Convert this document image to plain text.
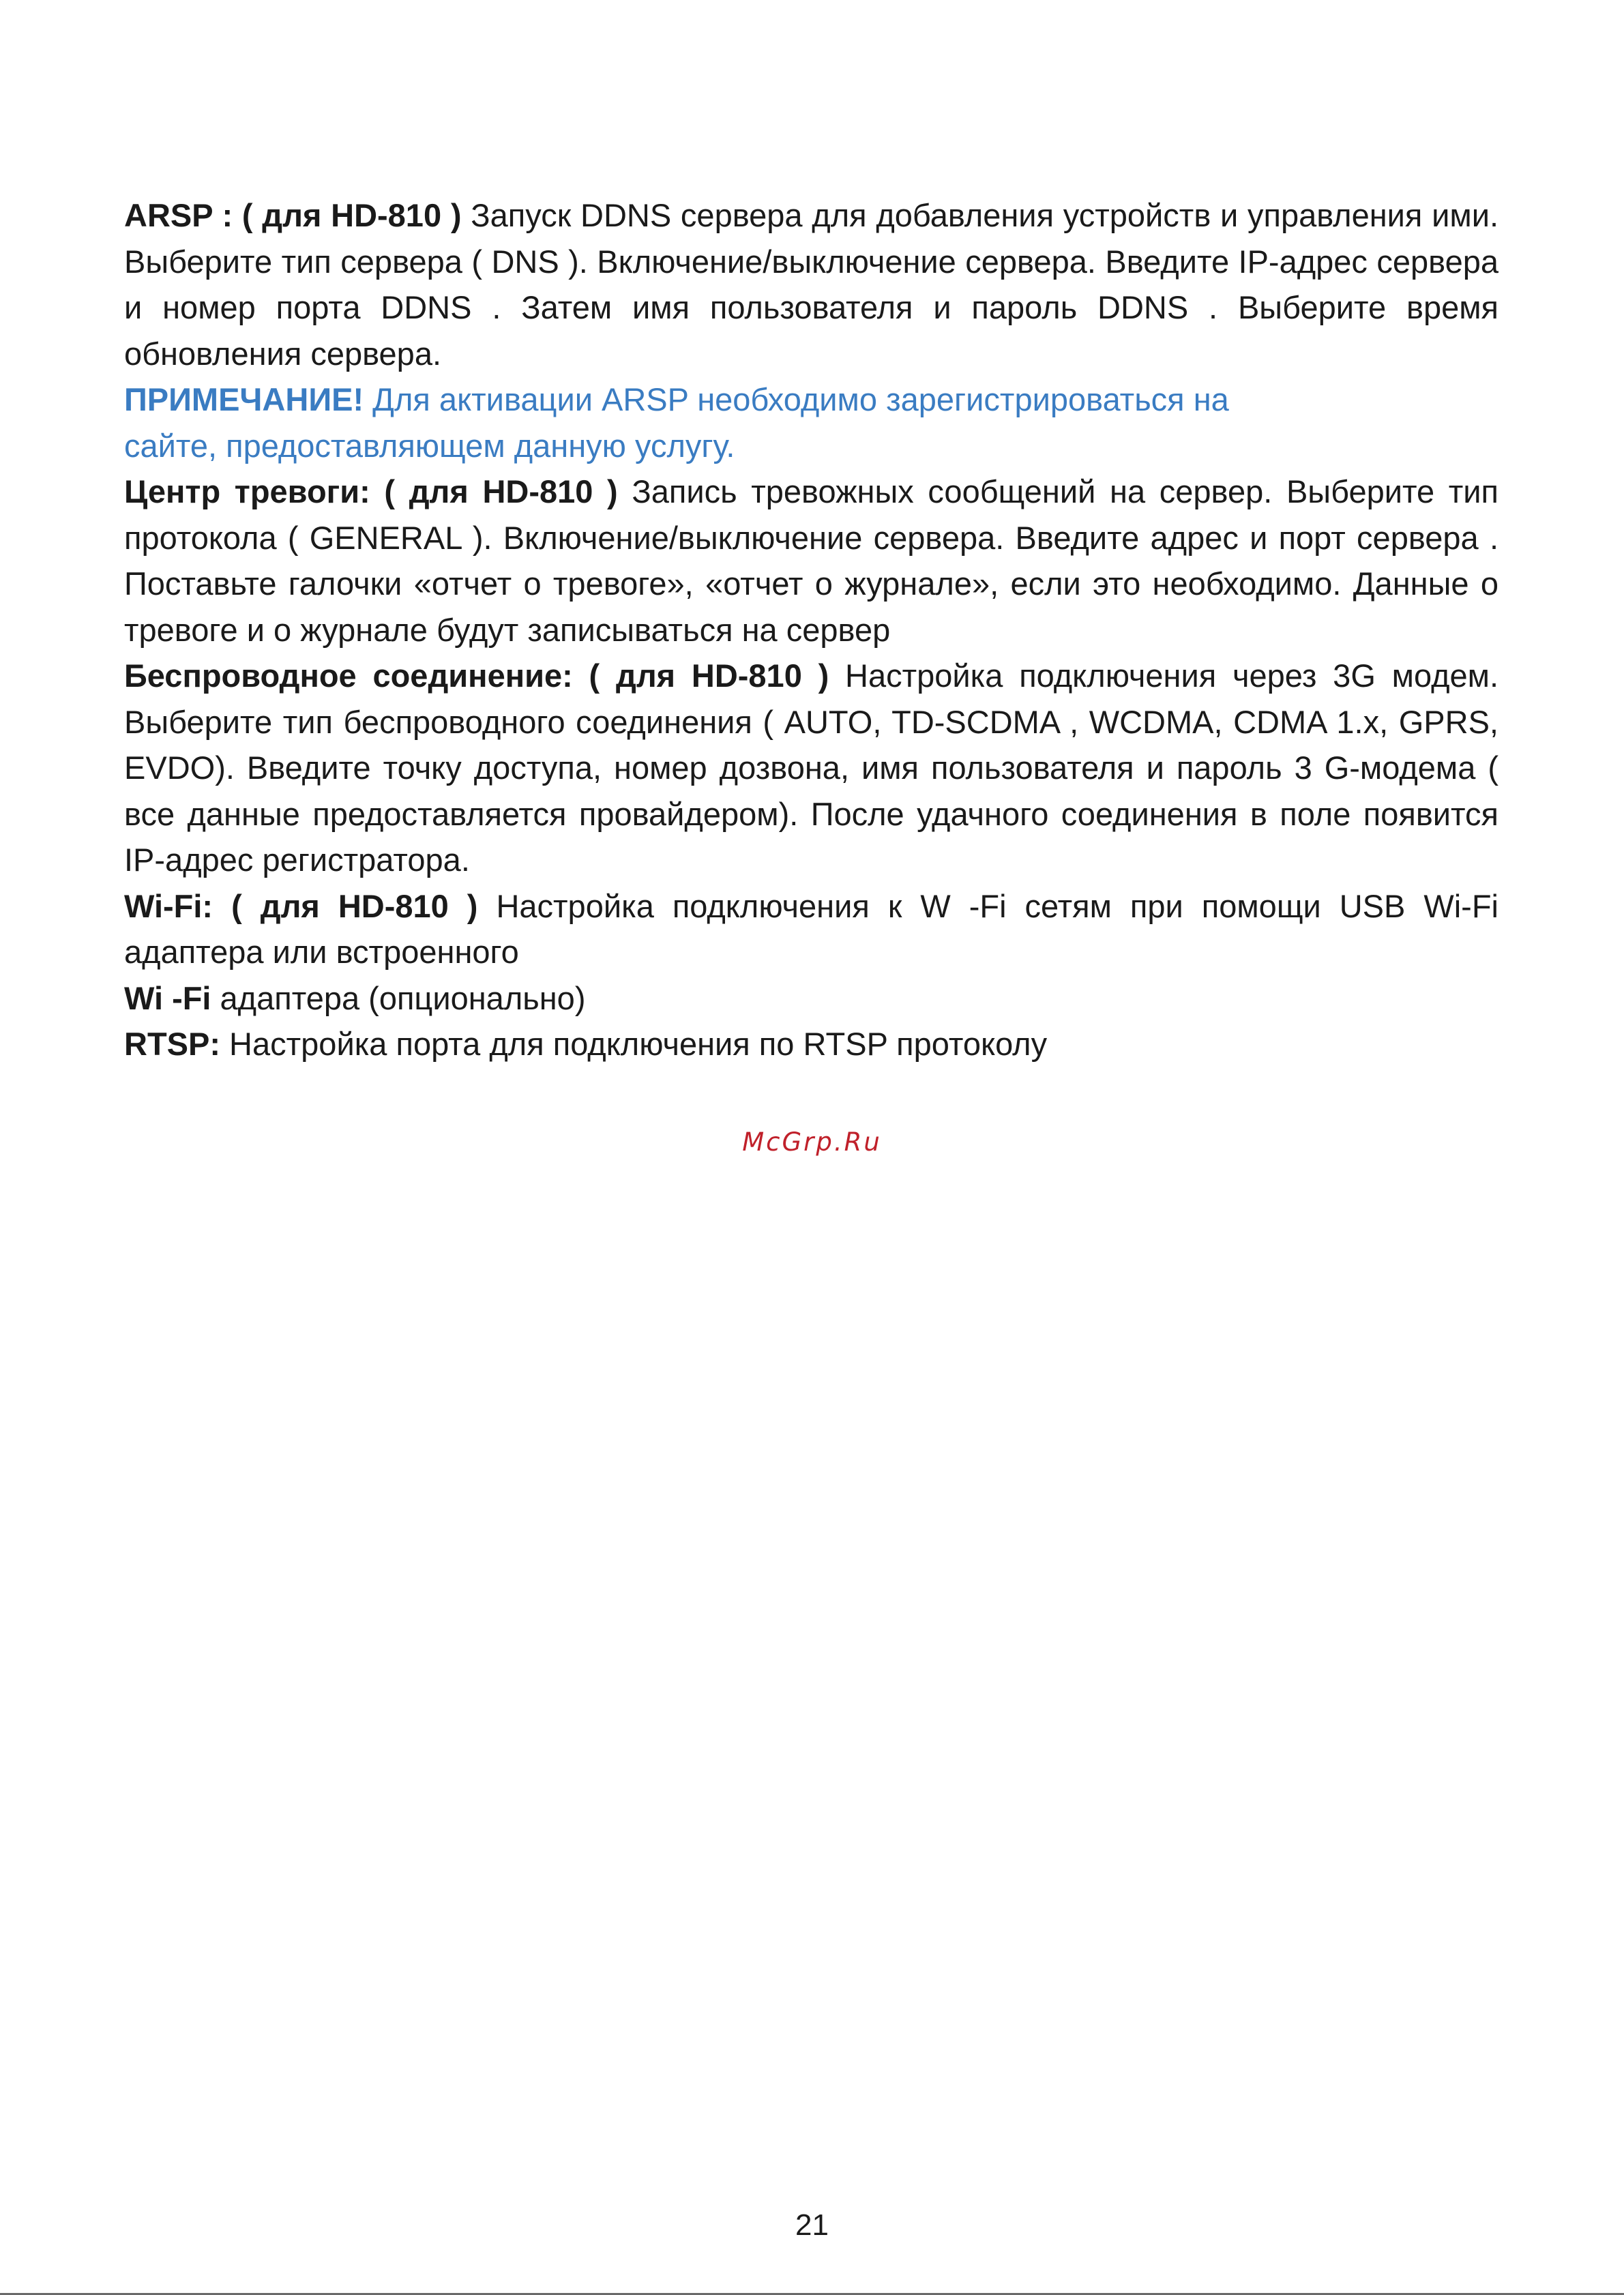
ARSP : ( для HD-810 ) Запуск DDNS сервера для добавления устройств и управления ими. Выберите тип сервера ( DNS ). Включение/выключение сервера. Введите IP-адрес сервера и номер порта DDNS . Затем имя пользователя и пароль DDNS . Выберите время обновления сервера.

ПРИМЕЧАНИЕ! Для активации ARSP необходимо зарегистрироваться на
сайте, предоставляющем данную услугу.

Центр тревоги: ( для HD-810 ) Запись тревожных сообщений на сервер. Выберите тип протокола ( GENERAL ). Включение/выключение сервера. Введите адрес и порт сервера . Поставьте галочки «отчет о тревоге», «отчет о журнале», если это необходимо. Данные о тревоге и о журнале будут записываться на сервер

Беспроводное соединение: ( для HD-810 ) Настройка подключения через 3G модем. Выберите тип беспроводного соединения ( AUTO, TD-SCDMA , WCDMA, CDMA 1.x, GPRS, EVDO). Введите точку доступа, номер дозвона, имя пользователя и пароль 3 G-модема ( все данные предоставляется провайдером). После удачного соединения в поле появится IP-адрес регистратора.

Wi-Fi: ( для HD-810 ) Настройка подключения к W -Fi сетям при помощи USB Wi-Fi адаптера или встроенного

Wi -Fi адаптера (опционально)

RTSP: Настройка порта для подключения по RTSP протоколу

McGrp.Ru
21
